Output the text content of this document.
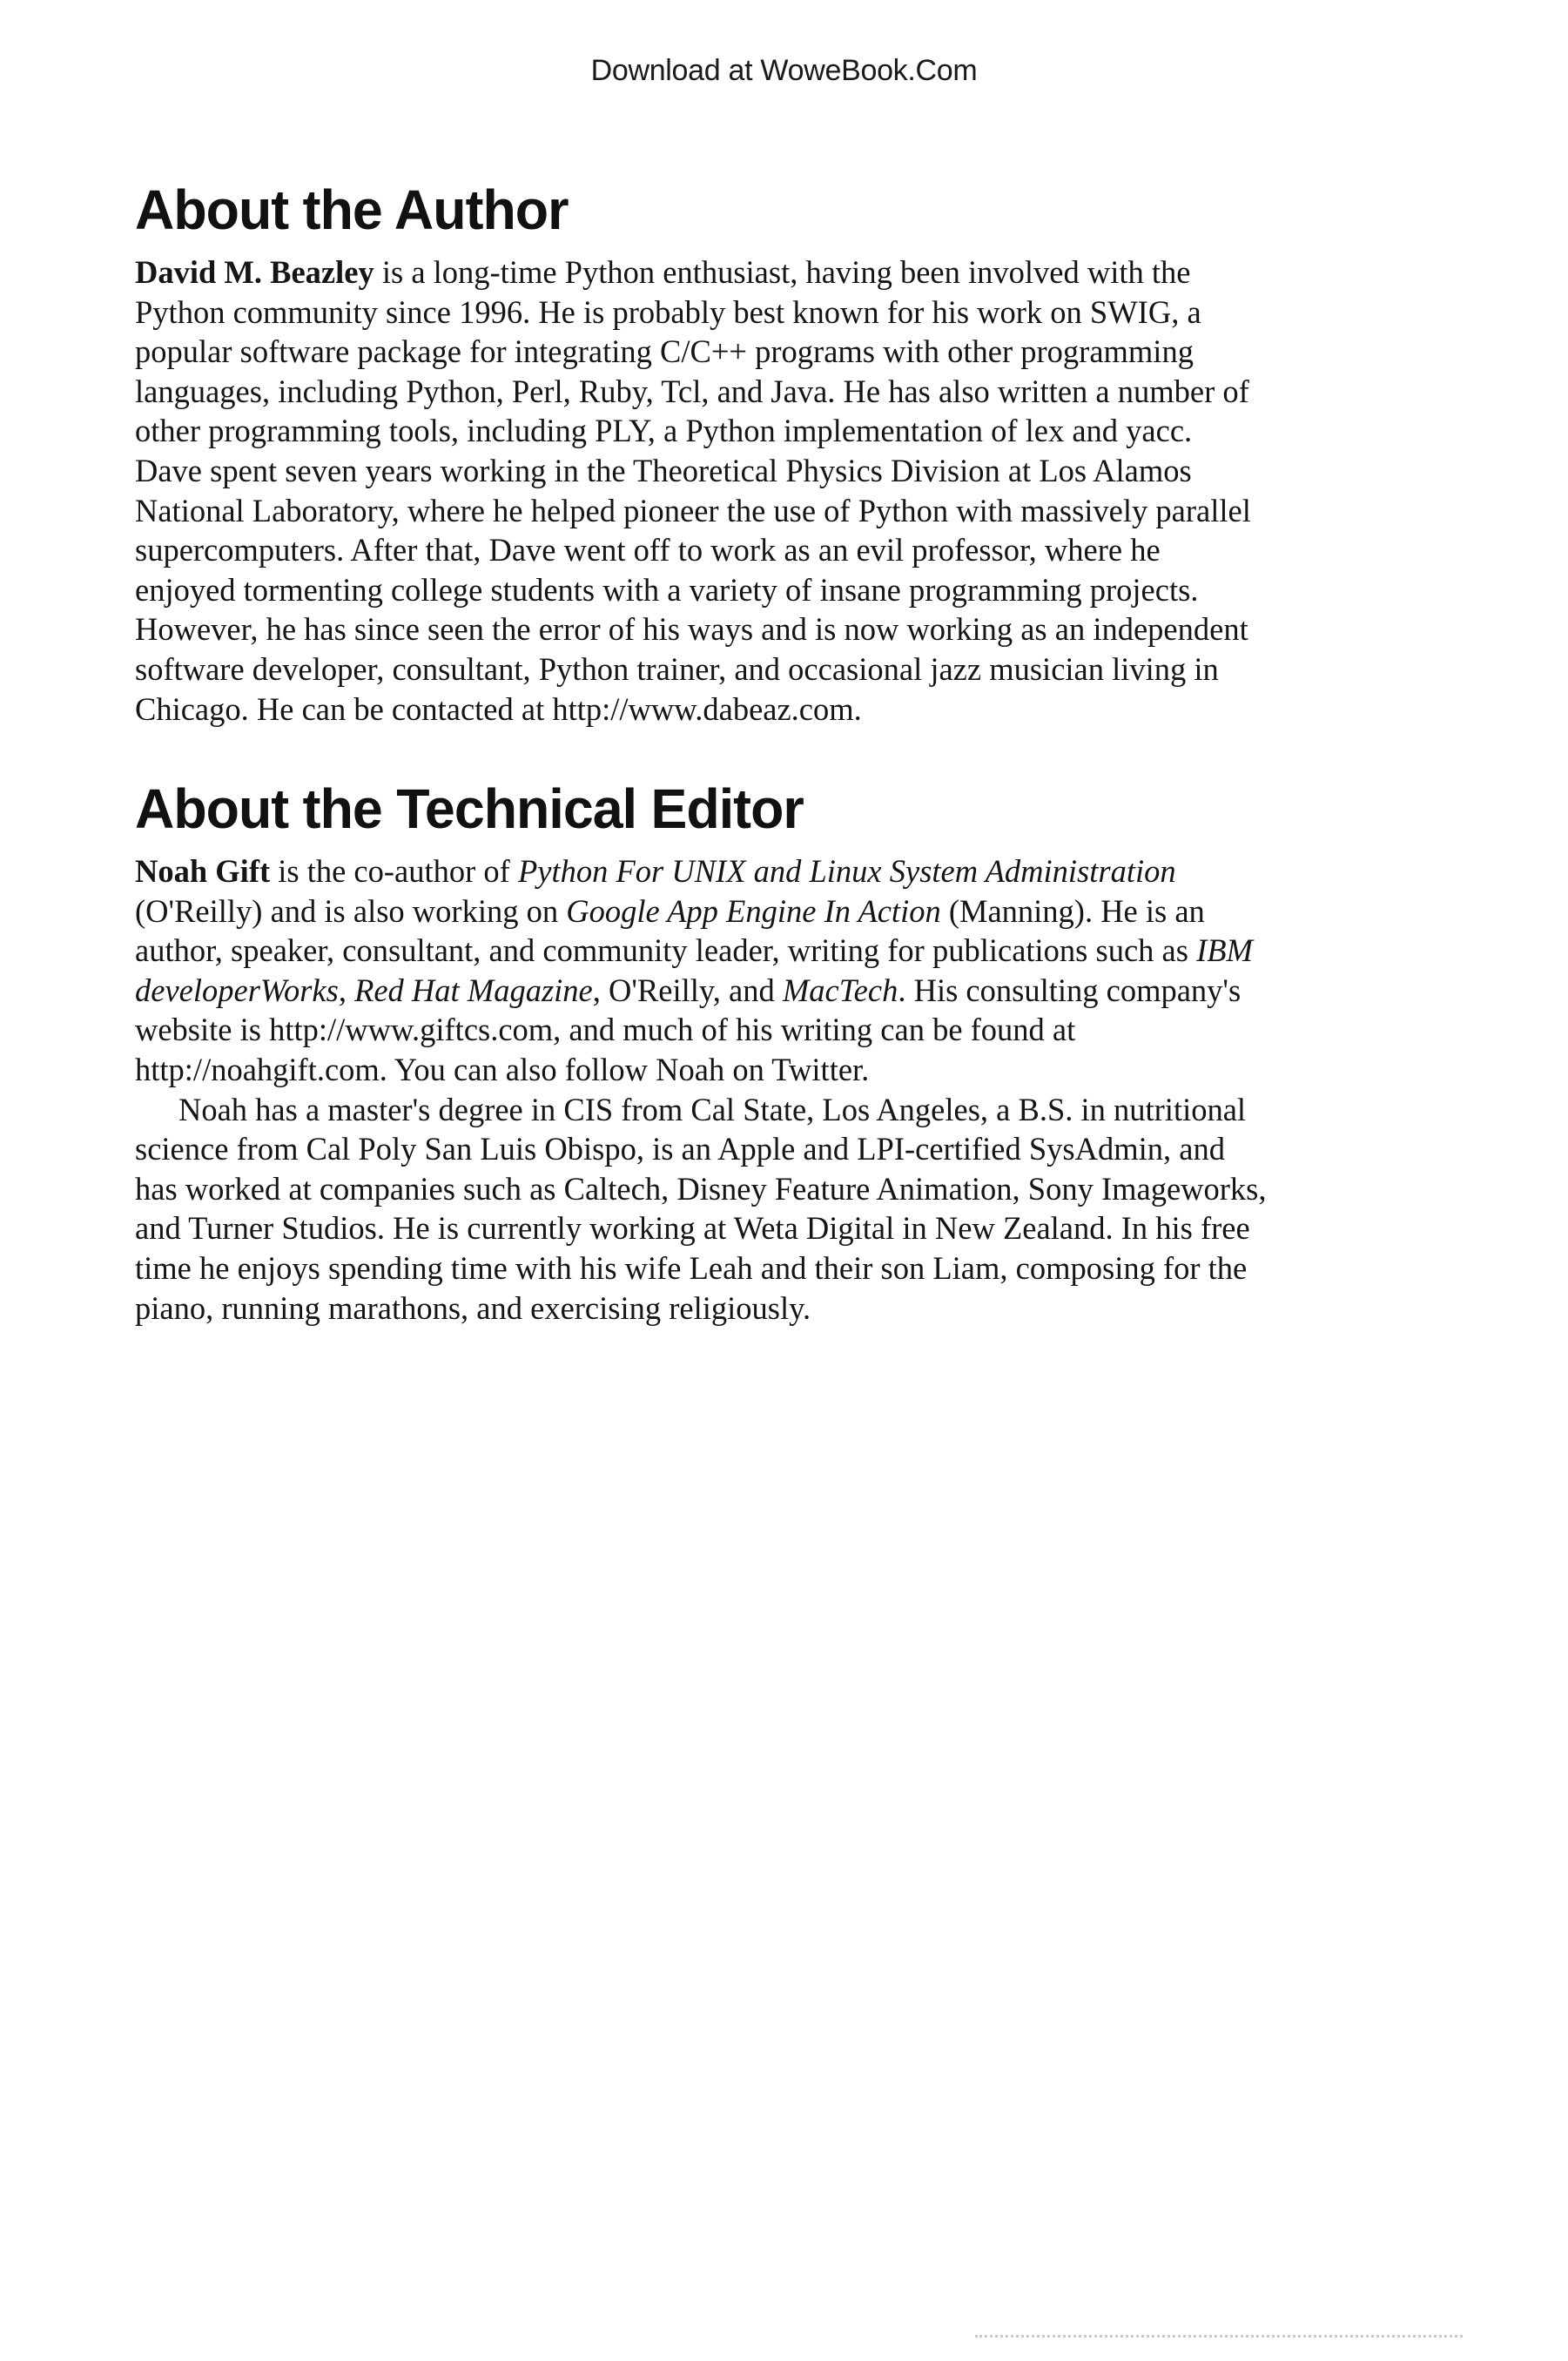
Download at WoweBook.Com
About the Author

David M. Beazley is a long-time Python enthusiast, having been involved with the
Python community since 1996. He is probably best known for his work on SWIG, a
popular software package for integrating C/C++ programs with other programming
languages, including Python, Perl, Ruby, Tcl, and Java. He has also written a number of
other programming tools, including PLY, a Python implementation of lex and yacc.
Dave spent seven years working in the Theoretical Physics Division at Los Alamos
National Laboratory, where he helped pioneer the use of Python with massively parallel
supercomputers. After that, Dave went off to work as an evil professor, where he
enjoyed tormenting college students with a variety of insane programming projects.
However, he has since seen the error of his ways and is now working as an independent
software developer, consultant, Python trainer, and occasional jazz musician living in
Chicago. He can be contacted at http://www.dabeaz.com.

About the Technical Editor

Noah Gift is the co-author of Python For UNIX and Linux System Administration
(O'Reilly) and is also working on Google App Engine In Action (Manning). He is an
author, speaker, consultant, and community leader, writing for publications such as IBM
developerWorks, Red Hat Magazine, O'Reilly, and MacTech. His consulting company's
website is http://www.giftcs.com, and much of his writing can be found at
http://noahgift.com. You can also follow Noah on Twitter.

Noah has a master's degree in CIS from Cal State, Los Angeles, a B.S. in nutritional
science from Cal Poly San Luis Obispo, is an Apple and LPI-certified SysAdmin, and
has worked at companies such as Caltech, Disney Feature Animation, Sony Imageworks,
and Turner Studios. He is currently working at Weta Digital in New Zealand. In his free
time he enjoys spending time with his wife Leah and their son Liam, composing for the
piano, running marathons, and exercising religiously.
